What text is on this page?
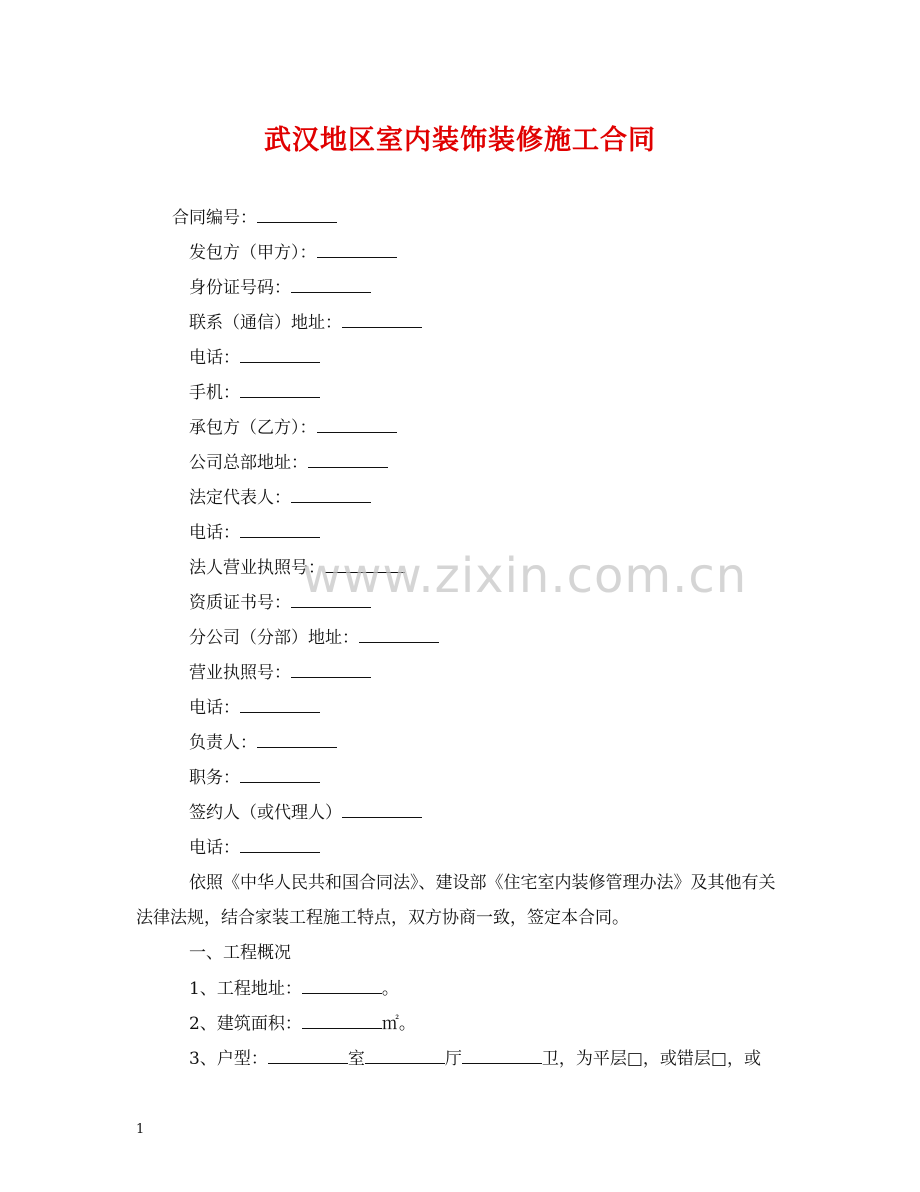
武汉地区室内装饰装修施工合同
合同编号：
发包方（甲方）：
身份证号码：
联系（通信）地址：
电话：
手机：
承包方（乙方）：
公司总部地址：
法定代表人：
电话：
法人营业执照号：
资质证书号：
分公司（分部）地址：
营业执照号：
电话：
负责人：
职务：
签约人（或代理人）
电话：
依照《中华人民共和国合同法》、建设部《住宅室内装修管理办法》及其他有关法律法规，结合家装工程施工特点，双方协商一致，签定本合同。
一、工程概况
1、工程地址：	。
2、建筑面积：	㎡。
3、户型：	室	厅	卫，为平层□，或错层□，或
www.zixin.com.cn
1
